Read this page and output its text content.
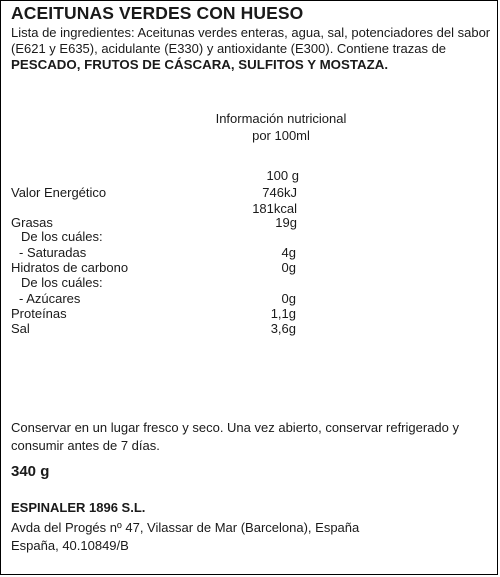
ACEITUNAS VERDES CON HUESO
Lista de ingredientes: Aceitunas verdes enteras, agua, sal, potenciadores del sabor (E621 y E635), acidulante (E330) y antioxidante (E300). Contiene trazas de PESCADO, FRUTOS DE CÁSCARA, SULFITOS Y MOSTAZA.
Información nutricional
por 100ml
100 g
Valor Energético	746kJ
181kcal
Grasas	19g
De los cuáles:
- Saturadas	4g
Hidratos de carbono	0g
De los cuáles:
- Azúcares	0g
Proteínas	1,1g
Sal	3,6g
Conservar en un lugar fresco y seco. Una vez abierto, conservar refrigerado y consumir antes de 7 días.
340 g
ESPINALER 1896 S.L.
Avda del Progés nº 47, Vilassar de Mar (Barcelona), España
España, 40.10849/B
